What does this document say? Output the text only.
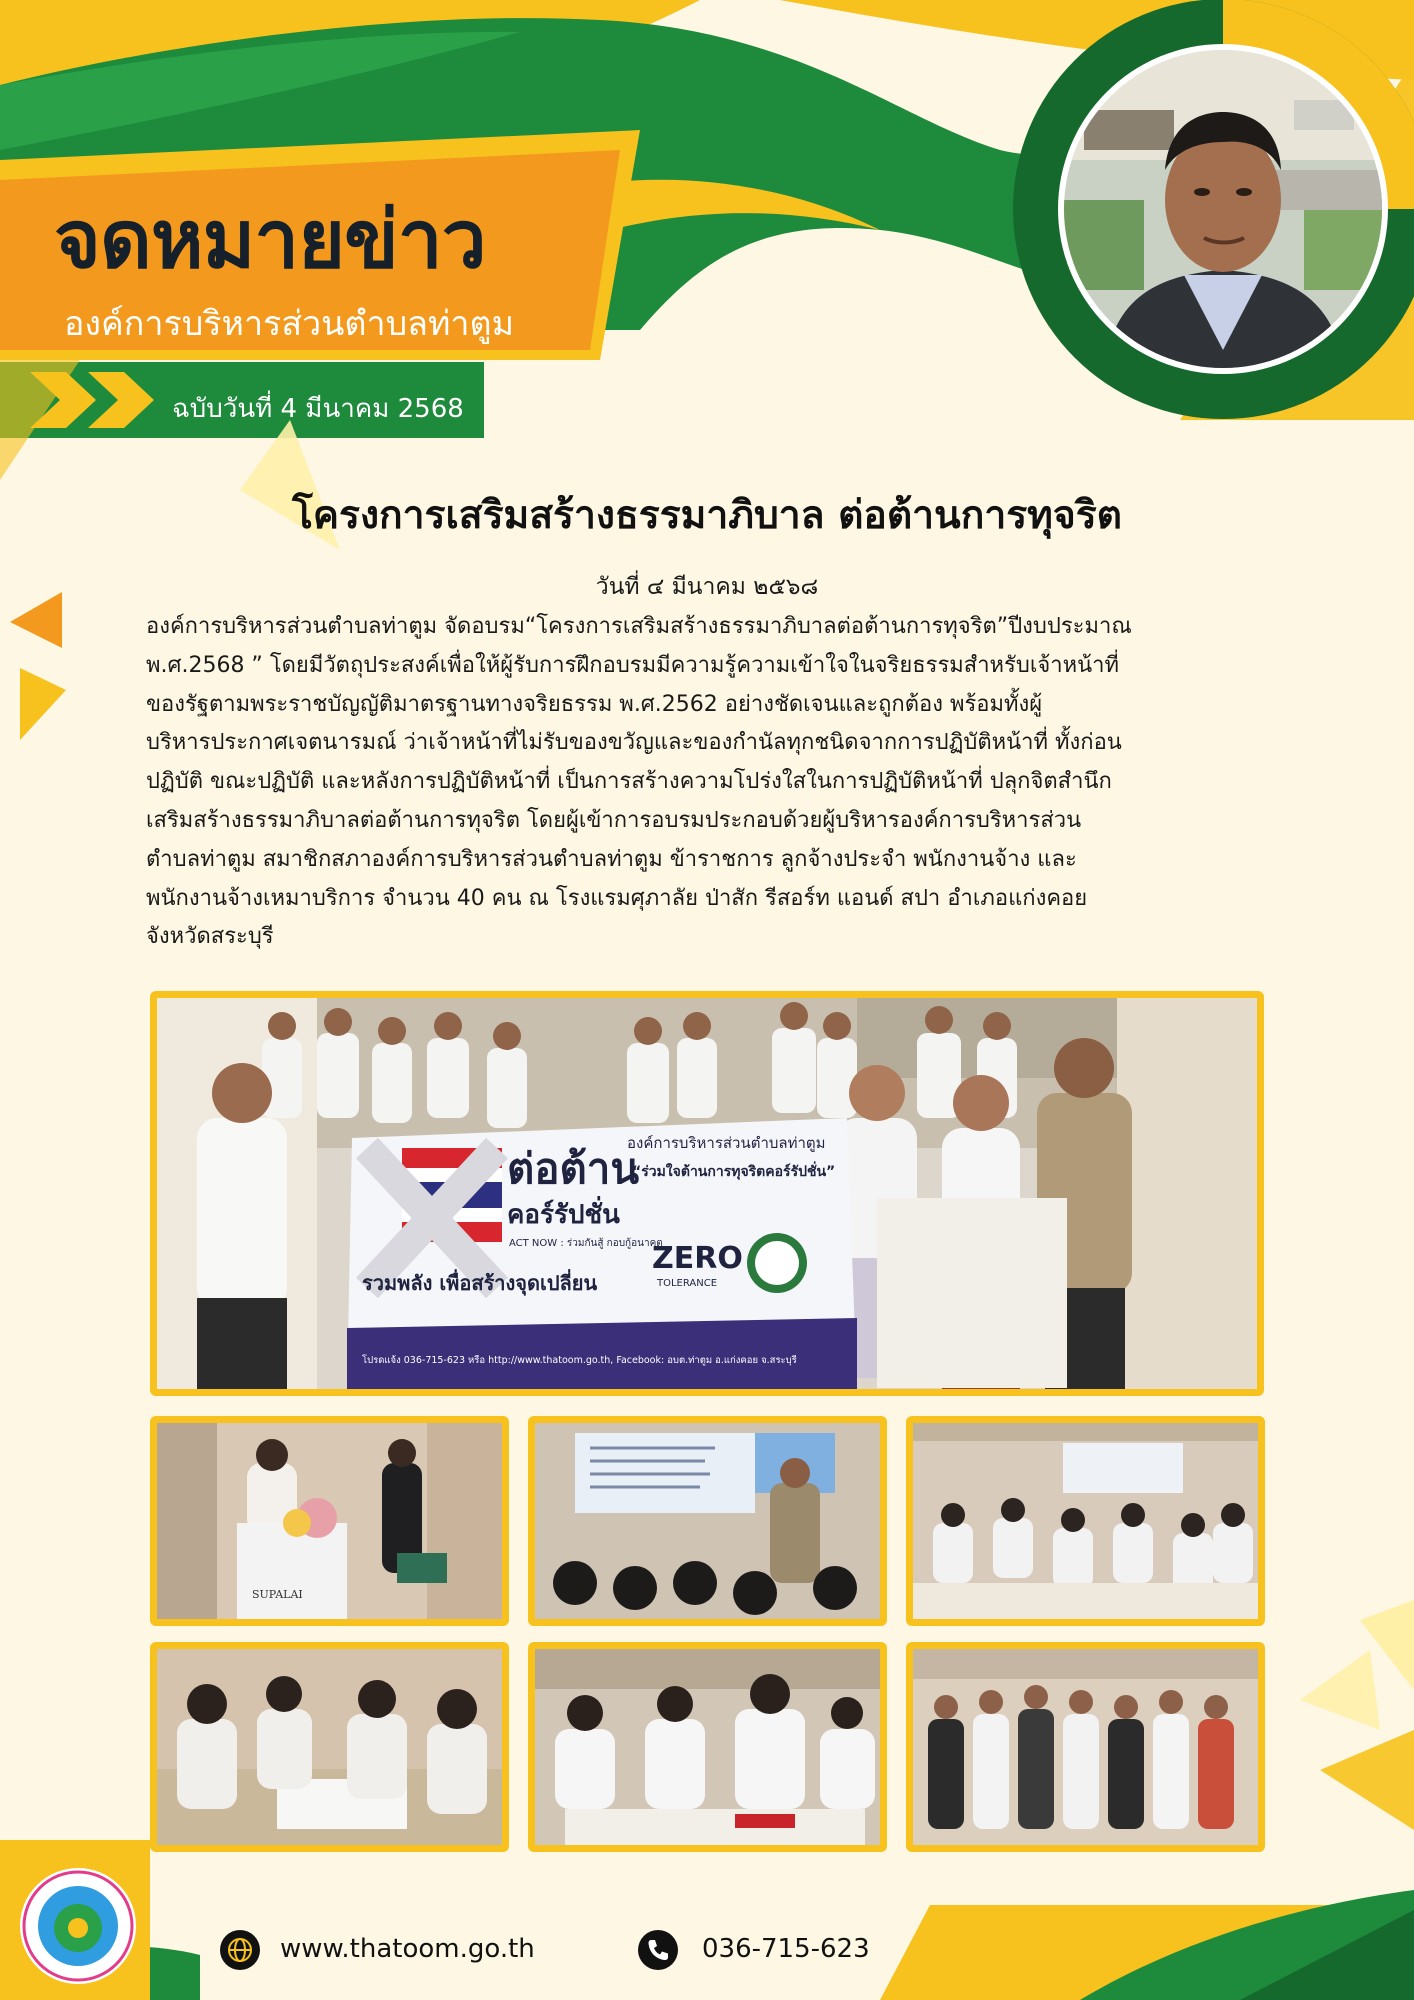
จดหมายข่าว
องค์การบริหารส่วนตำบลท่าตูม
ฉบับวันที่ 4 มีนาคม 2568
โครงการเสริมสร้างธรรมาภิบาล ต่อต้านการทุจริต
วันที่ ๔ มีนาคม ๒๕๖๘
องค์การบริหารส่วนตำบลท่าตูม จัดอบรม“โครงการเสริมสร้างธรรมาภิบาลต่อต้านการทุจริต”ปีงบประมาณ
พ.ศ.2568 ” โดยมีวัตถุประสงค์เพื่อให้ผู้รับการฝึกอบรมมีความรู้ความเข้าใจในจริยธรรมสำหรับเจ้าหน้าที่
ของรัฐตามพระราชบัญญัติมาตรฐานทางจริยธรรม พ.ศ.2562 อย่างชัดเจนและถูกต้อง พร้อมทั้งผู้
บริหารประกาศเจตนารมณ์ ว่าเจ้าหน้าที่ไม่รับของขวัญและของกำนัลทุกชนิดจากการปฏิบัติหน้าที่ ทั้งก่อน
ปฏิบัติ ขณะปฏิบัติ และหลังการปฏิบัติหน้าที่ เป็นการสร้างความโปร่งใสในการปฏิบัติหน้าที่ ปลุกจิตสำนึก
เสริมสร้างธรรมาภิบาลต่อต้านการทุจริต โดยผู้เข้าการอบรมประกอบด้วยผู้บริหารองค์การบริหารส่วน
ตำบลท่าตูม สมาชิกสภาองค์การบริหารส่วนตำบลท่าตูม ข้าราชการ ลูกจ้างประจำ พนักงานจ้าง และ
พนักงานจ้างเหมาบริการ จำนวน 40 คน ณ โรงแรมศุภาลัย ป่าสัก รีสอร์ท แอนด์ สปา อำเภอแก่งคอย
จังหวัดสระบุรี
ต่อต้าน
คอร์รัปชั่น
ACT NOW : ร่วมกันสู้ กอบกู้อนาคต
รวมพลัง เพื่อสร้างจุดเปลี่ยน
องค์การบริหารส่วนตำบลท่าตูม
“ร่วมใจต้านการทุจริตคอร์รัปชั่น”
ZERO
TOLERANCE
โปรดแจ้ง 036-715-623 หรือ http://www.thatoom.go.th, Facebook: อบต.ท่าตูม อ.แก่งคอย จ.สระบุรี
SUPALAI
www.thatoom.go.th	036-715-623
